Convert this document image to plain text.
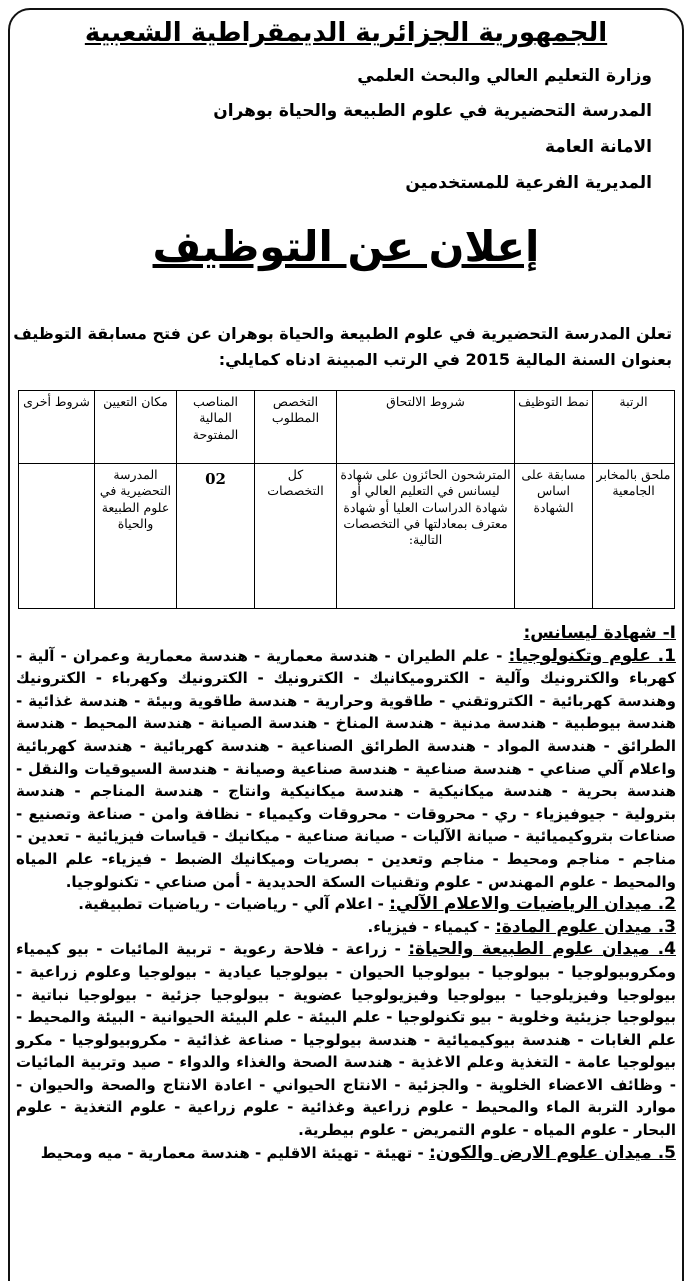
الجمهورية الجزائرية الديمقراطية الشعبية
وزارة التعليم العالي والبحث العلمي
المدرسة التحضيرية في علوم الطبيعة والحياة بوهران
الامانة العامة
المديرية الفرعية للمستخدمين
إعلان عن التوظيف
تعلن المدرسة التحضيرية في علوم الطبيعة والحياة بوهران عن فتح مسابقة التوظيف
بعنوان السنة المالية 2015 في الرتب المبينة ادناه كمايلي:
الرتبة	نمط التوظيف	شروط الالتحاق	التخصص المطلوب	المناصب المالية المفتوحة	مكان التعيين	شروط أخرى
ملحق بالمخابر الجامعية	مسابقة على اساس الشهادة	المترشحون الحائزون على شهادة ليسانس في التعليم العالي أو شهادة الدراسات العليا أو شهادة معترف بمعادلتها في التخصصات التالية:	كل التخصصات	02	المدرسة التحضيرية في علوم الطبيعة والحياة	

I- شهادة ليسانس:

1. علوم وتكنولوجيا: - علم الطيران - هندسة معمارية - هندسة معمارية وعمران - آلية - كهرباء والكترونيك وآلية - الكتروميكانيك - الكترونيك - الكترونيك وكهرباء - الكترونيك وهندسة كهربائية - الكتروتقني - طاقوية وحرارية - هندسة طاقوية وبيئة - هندسة غذائية - هندسة بيوطبية - هندسة مدنية - هندسة المناخ - هندسة الصيانة - هندسة المحيط - هندسة الطرائق - هندسة المواد - هندسة الطرائق الصناعية - هندسة كهربائية - هندسة كهربائية واعلام آلي صناعي - هندسة صناعية - هندسة صناعية وصيانة - هندسة السيوقيات والنقل - هندسة بحرية - هندسة ميكانيكية - هندسة ميكانيكية وانتاج - هندسة المناجم - هندسة بترولية - جيوفيزياء - ري - محروقات - محروقات وكيمياء - نظافة وامن - صناعة وتصنيع - صناعات بتروكيميائية - صيانة الآليات - صيانة صناعية - ميكانيك - قياسات فيزيائية - تعدين - مناجم - مناجم ومحيط - مناجم وتعدين - بصريات وميكانيك الضبط - فيزياء- علم المياه والمحيط - علوم المهندس - علوم وتقنيات السكة الحديدية - أمن صناعي - تكنولوجيا.

2. ميدان الرياضيات والاعلام الآلي: - اعلام آلي - رياضيات - رياضيات تطبيقية.

3. ميدان علوم المادة: - كيمياء - فيزياء.

4. ميدان علوم الطبيعة والحياة: - زراعة - فلاحة رعوية - تربية المائيات - بيو كيمياء ومكروبيولوجيا - بيولوجيا - بيولوجيا الحيوان - بيولوجيا عيادية - بيولوجيا وعلوم زراعية - بيولوجيا وفيزيلوجيا - بيولوجيا وفيزيولوجيا عضوية - بيولوجيا جزئية - بيولوجيا نباتية - بيولوجيا جزيئية وخلوية - بيو تكنولوجيا - علم البيئة - علم البيئة الحيوانية - البيئة والمحيط - علم الغابات - هندسة بيوكيميائية - هندسة بيولوجيا - صناعة غذائية - مكروبيولوجيا - مكرو بيولوجيا عامة - التغذية وعلم الاغذية - هندسة الصحة والغذاء والدواء - صيد وتربية المائيات - وظائف الاعضاء الخلوية - والجزئية - الانتاج الحيواني - اعادة الانتاج والصحة والحيوان - موارد التربة الماء والمحيط - علوم زراعية وغذائية - علوم زراعية - علوم التغذية - علوم البحار - علوم المياه - علوم التمريض - علوم بيطرية.

5. ميدان علوم الارض والكون: - تهيئة - تهيئة الاقليم - هندسة معمارية - ميه ومحيط
